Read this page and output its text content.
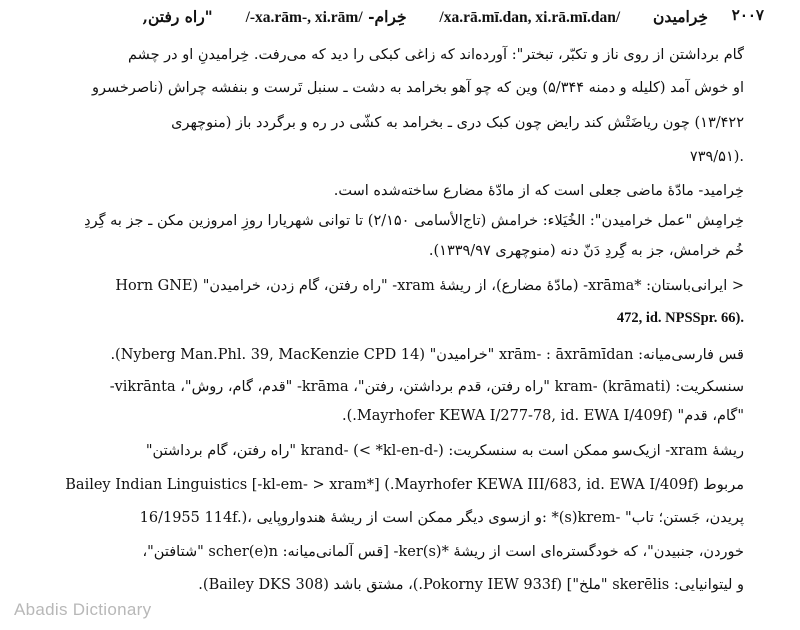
۲۰۰۷
خِرامیدن  /xa.rā.mī.dan, xi.rā.mī.dan/  خِرام- /xa.rām-, xi.rām-/  "راه رفتن,
گام برداشتن از روی ناز و تکبّر، تبختر": آورده‌اند که زاغی کبکی را دید که می‌رفت. خِرامیدنِ او در چشم
او خوش آمد (کلیله و دمنه ۵/۳۴۴) وین که چو آهو بخرامد به دشت ـ سنبل تَرست و بنفشه چراش (ناصرخسرو
۱۳/۴۲۲) چون ریاضَتْش کند رایض چون کبک دری ـ بخرامد به کشّی در ره و برگردد باز (منوچهری
۷۳۹/۵۱).
خِرامید- مادّهٔ ماضی جعلی است که از مادّهٔ مضارع ساخته‌شده است.
خِرامِش "عمل خرامیدن": الخُیَلاء: خرامش (تاج‌الأسامی ۲/۱۵۰) تا توانی شهریارا روزِ امروزین مکن ـ جز به گِردِ
خُم خرامش، جز به گِردِ دَنّ دنه (منوچهری ۱۳۳۹/۹۷).
< ایرانی‌باستان: *xrāma- (مادّهٔ مضارع)، از ریشهٔ xram- "راه رفتن، گام زدن، خرامیدن" (Horn GNE
472, id. NPSSpr. 66).
قس فارسی‌میانه: xrām- : āxrāmīdan "خرامیدن" (Nyberg Man.Phl. 39, MacKenzie CPD 14).
سنسکریت: kram- (krāmati) "راه رفتن، قدم برداشتن، رفتن"، krāma- "قدم، گام، روش"، vikrānta-
"گام، قدم" (Mayrhofer KEWA I/277-78, id. EWA I/409f.).
ریشهٔ xram- ازیک‌سو ممکن است به سنسکریت: krand- (< *kl-en-d-) "راه رفتن، گام برداشتن"
مربوط (Mayrhofer KEWA III/683, id. EWA I/409f.) [*kl-em- > xram-] Bailey Indian Linguistics
16/1955 114f.)، و ازسوی دیگر ممکن است از ریشهٔ هندواروپایی: *(s)krem- "پریدن، جَستن؛ تاب
خوردن، جنبیدن"، که خودگستره‌ای است از ریشهٔ *(s)ker- [قس آلمانی‌میانه: scher(e)n "شتافتن"،
و لیتوانیایی: skerēlis "ملخ"] (Pokorny IEW 933f.)، مشتق باشد (Bailey DKS 308).
Abadis Dictionary
